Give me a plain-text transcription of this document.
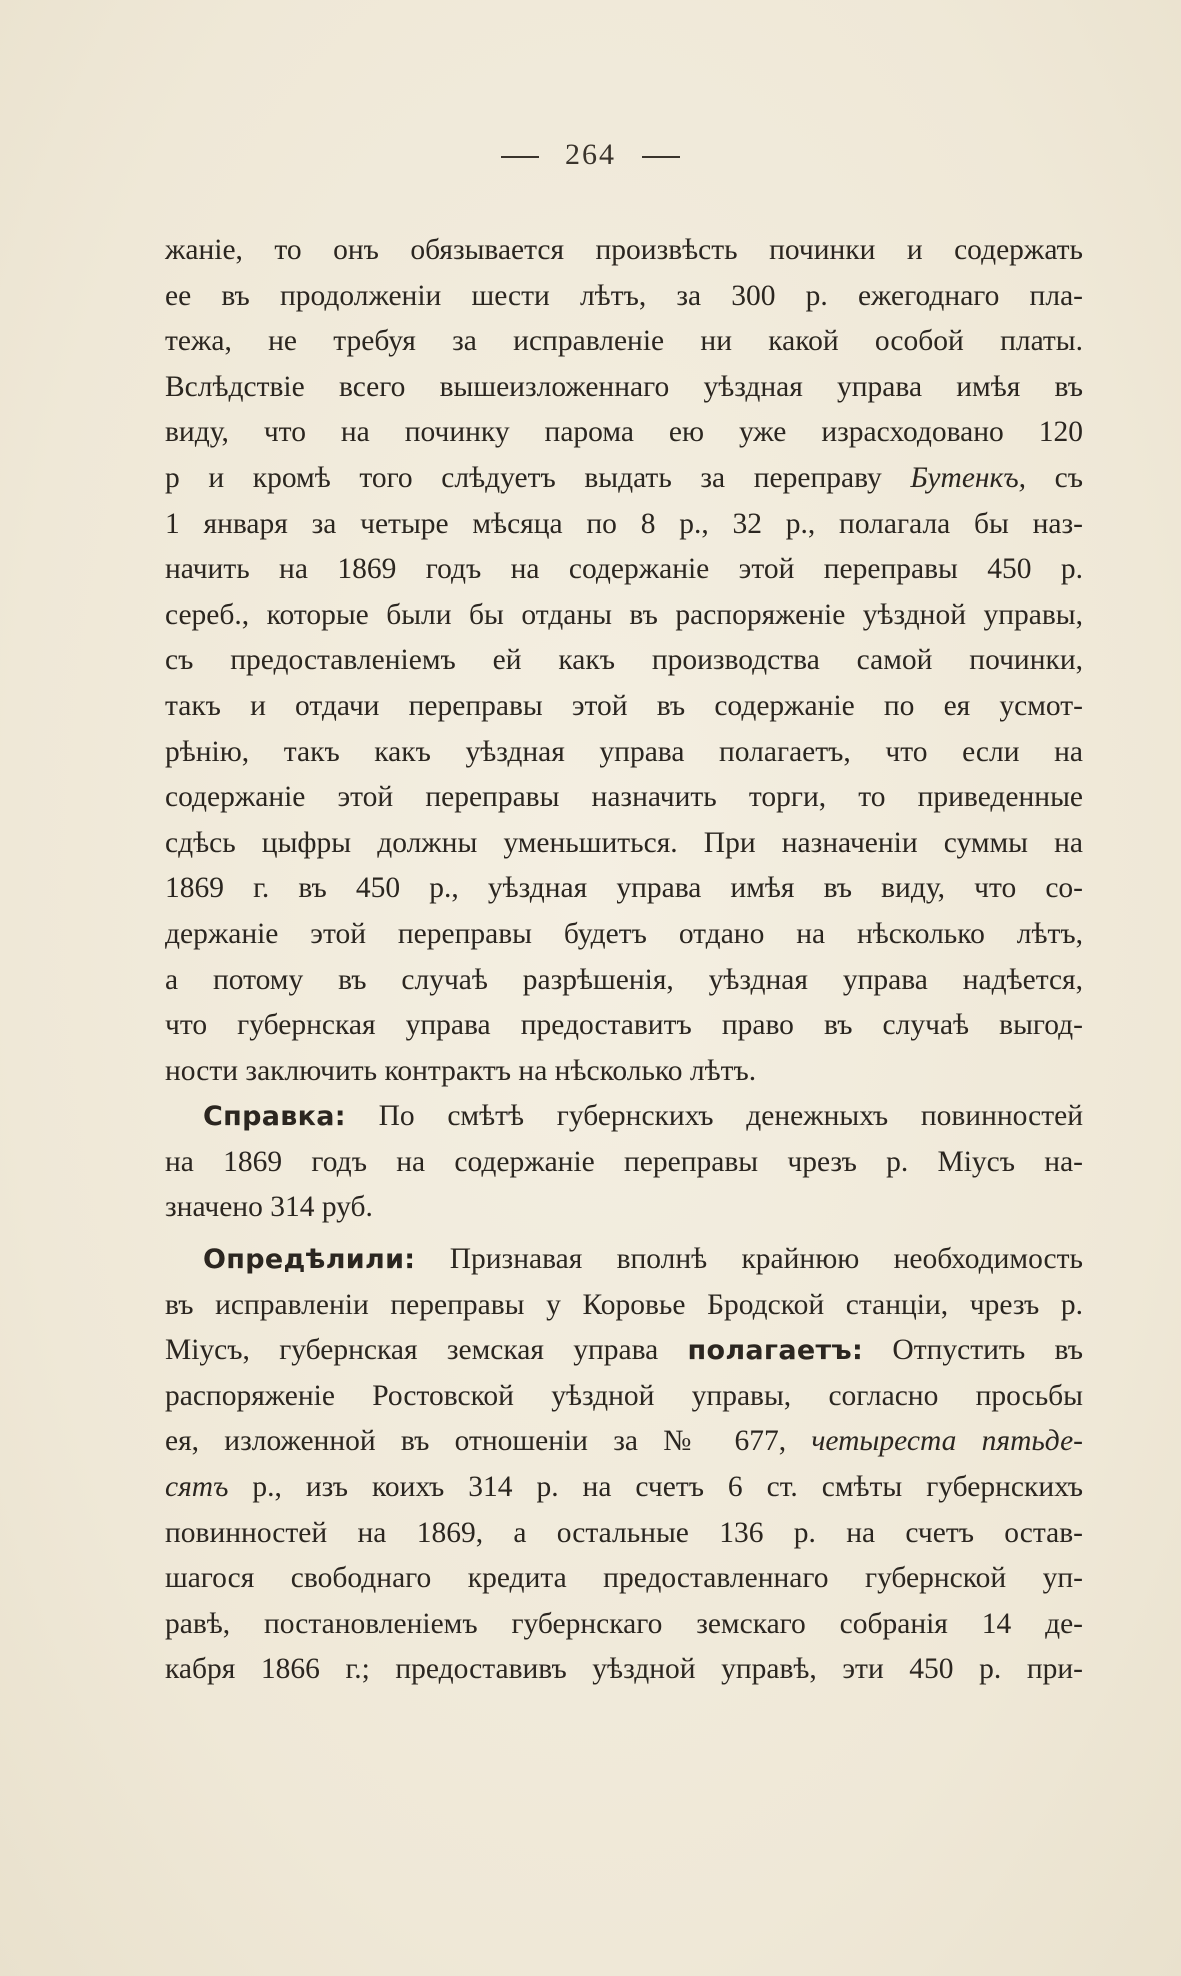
264
жаніе, то онъ обязывается произвѣсть починки и содержать
ее въ продолженіи шести лѣтъ, за 300 р. ежегоднаго пла-
тежа, не требуя за исправленіе ни какой особой платы.
Вслѣдствіе всего вышеизложеннаго уѣздная управа имѣя въ
виду, что на починку парома ею уже израсходовано 120
р и кромѣ того слѣдуетъ выдать за переправу Бутенкъ, съ
1 января за четыре мѣсяца по 8 р., 32 р., полагала бы наз-
начить на 1869 годъ на содержаніе этой переправы 450 р.
сереб., которые были бы отданы въ распоряженіе уѣздной управы,
съ предоставленіемъ ей какъ производства самой починки,
такъ и отдачи переправы этой въ содержаніе по ея усмот-
рѣнію, такъ какъ уѣздная управа полагаетъ, что если на
содержаніе этой переправы назначить торги, то приведенные
сдѣсь цыфры должны уменьшиться. При назначеніи суммы на
1869 г. въ 450 р., уѣздная управа имѣя въ виду, что со-
держаніе этой переправы будетъ отдано на нѣсколько лѣтъ,
а потому въ случаѣ разрѣшенія, уѣздная управа надѣется,
что губернская управа предоставитъ право въ случаѣ выгод-
ности заключить контрактъ на нѣсколько лѣтъ.
Справка: По смѣтѣ губернскихъ денежныхъ повинностей
на 1869 годъ на содержаніе переправы чрезъ р. Міусъ на-
значено 314 руб.
Опредѣлили: Признавая вполнѣ крайнюю необходимость
въ исправленіи переправы у Коровье Бродской станціи, чрезъ р.
Міусъ, губернская земская управа полагаетъ: Отпустить въ
распоряженіе Ростовской уѣздной управы, согласно просьбы
ея, изложенной въ отношеніи за № 677, четыреста пятьде-
сятъ р., изъ коихъ 314 р. на счетъ 6 ст. смѣты губернскихъ
повинностей на 1869, а остальные 136 р. на счетъ остав-
шагося свободнаго кредита предоставленнаго губернской уп-
равѣ, постановленіемъ губернскаго земскаго собранія 14 де-
кабря 1866 г.; предоставивъ уѣздной управѣ, эти 450 р. при-
